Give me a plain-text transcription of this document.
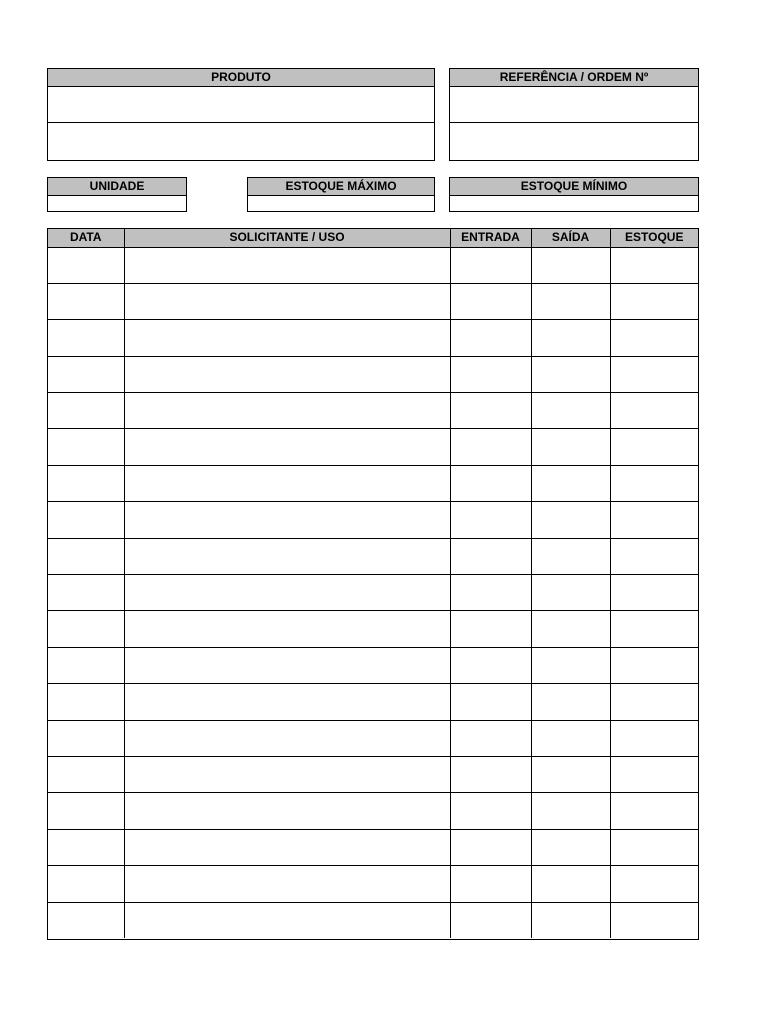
PRODUTO	REFERÊNCIA / ORDEM Nº
UNIDADE	ESTOQUE MÁXIMO	ESTOQUE MÍNIMO
DATA	SOLICITANTE / USO	ENTRADA	SAÍDA	ESTOQUE
